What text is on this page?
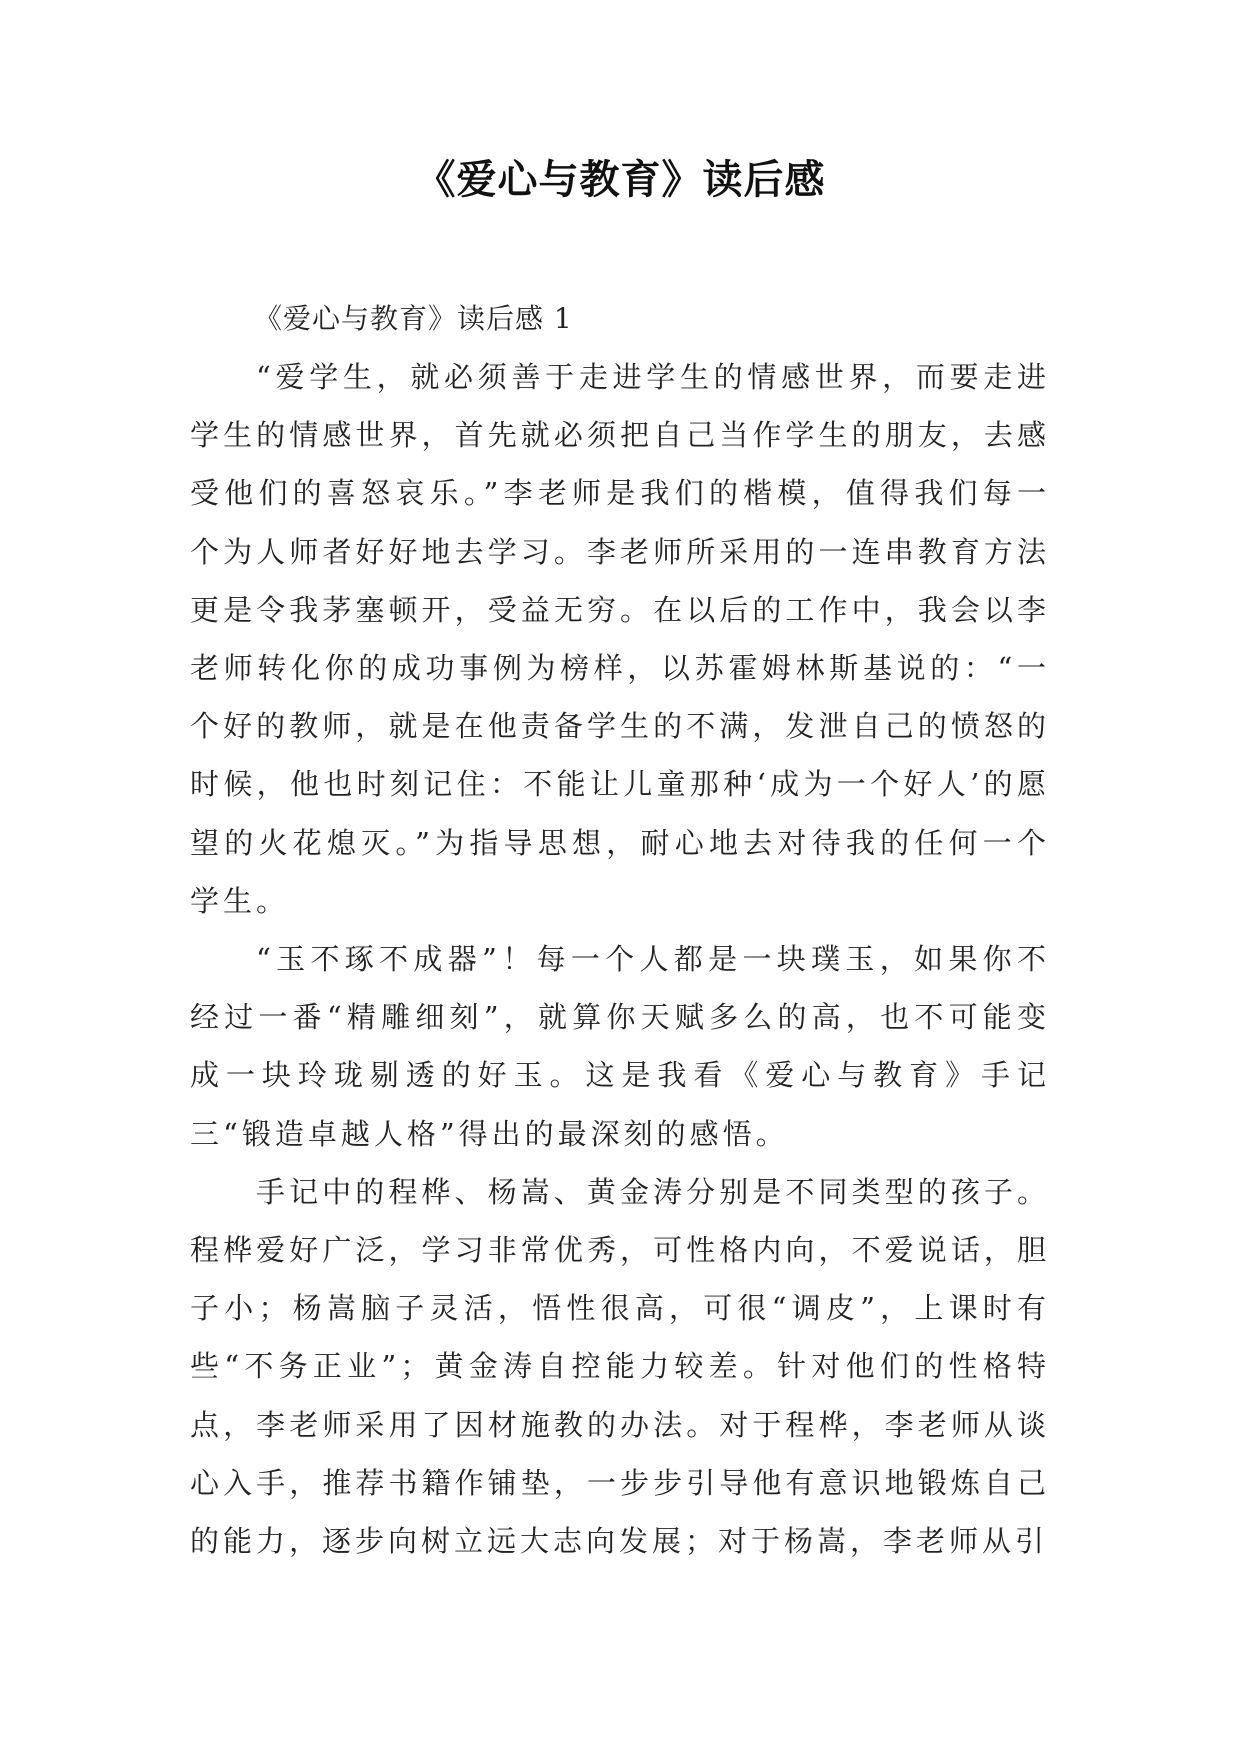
《爱心与教育》读后感

《爱心与教育》读后感 1

“爱学生，就必须善于走进学生的情感世界，而要走进学生的情感世界，首先就必须把自己当作学生的朋友，去感受他们的喜怒哀乐。”李老师是我们的楷模，值得我们每一个为人师者好好地去学习。李老师所采用的一连串教育方法更是令我茅塞顿开，受益无穷。在以后的工作中，我会以李老师转化你的成功事例为榜样，以苏霍姆林斯基说的：“一个好的教师，就是在他责备学生的不满，发泄自己的愤怒的时候，他也时刻记住：不能让儿童那种‘成为一个好人’的愿望的火花熄灭。”为指导思想，耐心地去对待我的任何一个学生。

“玉不琢不成器”！每一个人都是一块璞玉，如果你不经过一番“精雕细刻”，就算你天赋多么的高，也不可能变成一块玲珑剔透的好玉。这是我看《爱心与教育》手记三“锻造卓越人格”得出的最深刻的感悟。

手记中的程桦、杨嵩、黄金涛分别是不同类型的孩子。程桦爱好广泛，学习非常优秀，可性格内向，不爱说话，胆子小；杨嵩脑子灵活，悟性很高，可很“调皮”，上课时有些“不务正业”；黄金涛自控能力较差。针对他们的性格特点，李老师采用了因材施教的办法。对于程桦，李老师从谈心入手，推荐书籍作铺垫，一步步引导他有意识地锻炼自己的能力，逐步向树立远大志向发展；对于杨嵩，李老师从引
